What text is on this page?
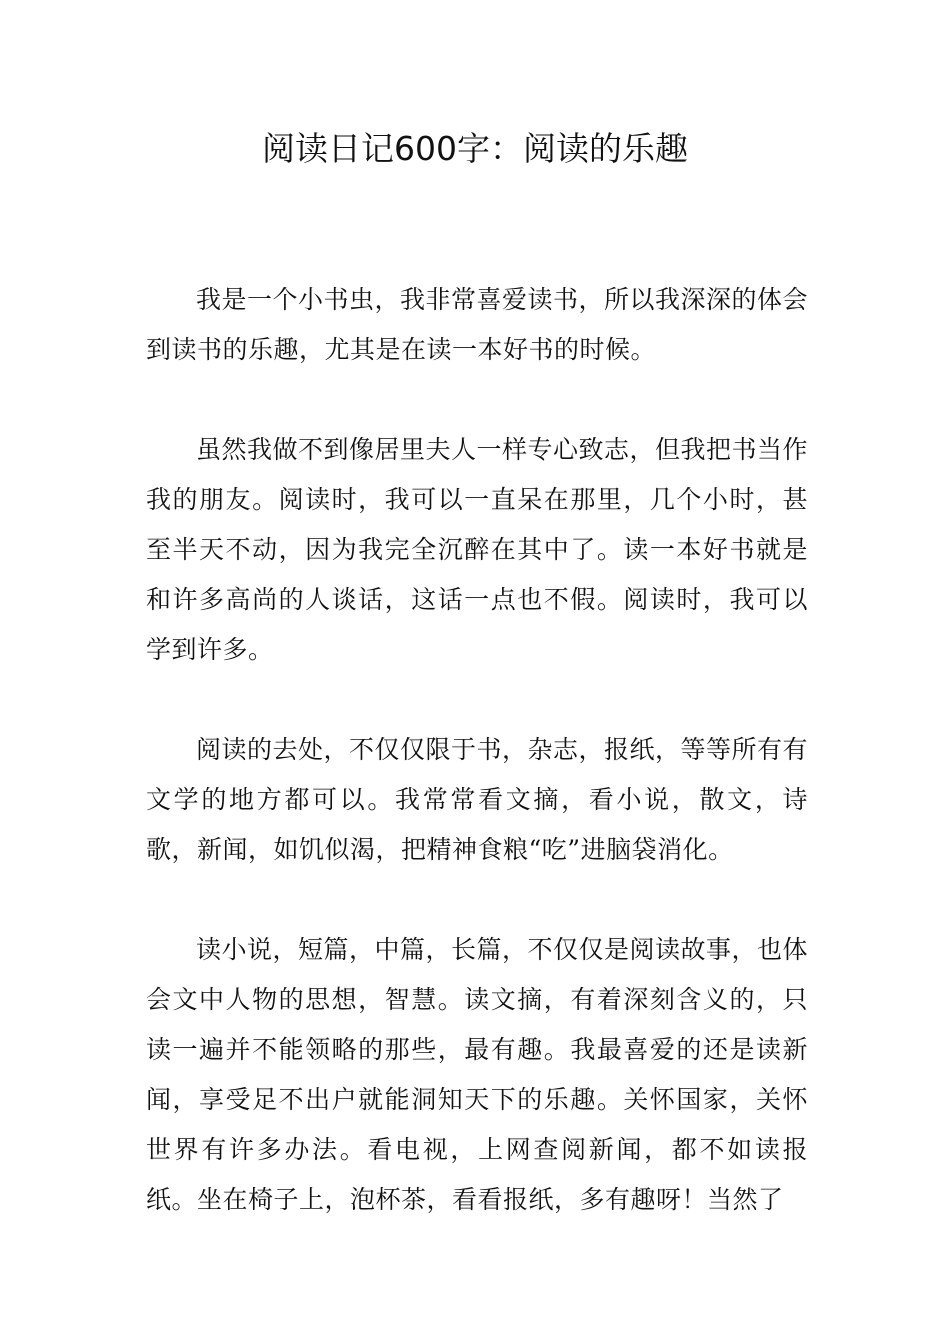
阅读日记600字：阅读的乐趣

我是一个小书虫，我非常喜爱读书，所以我深深的体会到读书的乐趣，尤其是在读一本好书的时候。

虽然我做不到像居里夫人一样专心致志，但我把书当作我的朋友。阅读时，我可以一直呆在那里，几个小时，甚至半天不动，因为我完全沉醉在其中了。读一本好书就是和许多高尚的人谈话，这话一点也不假。阅读时，我可以学到许多。

阅读的去处，不仅仅限于书，杂志，报纸，等等所有有文学的地方都可以。我常常看文摘，看小说，散文，诗歌，新闻，如饥似渴，把精神食粮“吃”进脑袋消化。

读小说，短篇，中篇，长篇，不仅仅是阅读故事，也体会文中人物的思想，智慧。读文摘，有着深刻含义的，只读一遍并不能领略的那些，最有趣。我最喜爱的还是读新闻，享受足不出户就能洞知天下的乐趣。关怀国家，关怀世界有许多办法。看电视，上网查阅新闻，都不如读报纸。坐在椅子上，泡杯茶，看看报纸，多有趣呀！当然了
